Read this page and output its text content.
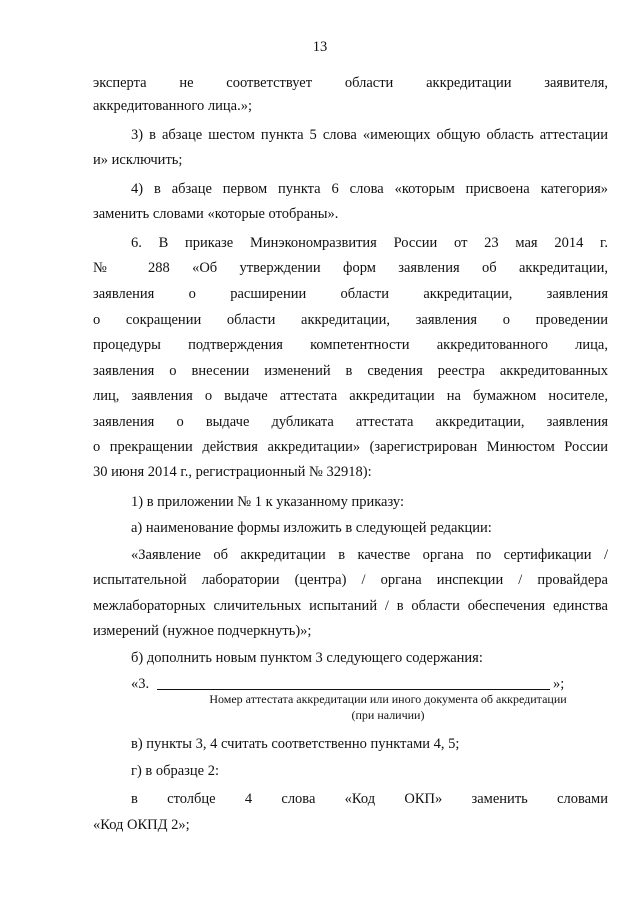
13
эксперта не соответствует области аккредитации заявителя,
аккредитованного лица.»;
3) в абзаце шестом пункта 5 слова «имеющих общую область аттестации
и» исключить;
4) в абзаце первом пункта 6 слова «которым присвоена категория»
заменить словами «которые отобраны».
6. В приказе Минэкономразвития России от 23 мая 2014 г.
№ 288 «Об утверждении форм заявления об аккредитации,
заявления о расширении области аккредитации, заявления
о сокращении области аккредитации, заявления о проведении
процедуры подтверждения компетентности аккредитованного лица,
заявления о внесении изменений в сведения реестра аккредитованных
лиц, заявления о выдаче аттестата аккредитации на бумажном носителе,
заявления о выдаче дубликата аттестата аккредитации, заявления
о прекращении действия аккредитации» (зарегистрирован Минюстом России
30 июня 2014 г., регистрационный № 32918):
1) в приложении № 1 к указанному приказу:
а) наименование формы изложить в следующей редакции:
«Заявление об аккредитации в качестве органа по сертификации /
испытательной лаборатории (центра) / органа инспекции / провайдера
межлабораторных сличительных испытаний / в области обеспечения единства
измерений (нужное подчеркнуть)»;
б) дополнить новым пунктом 3 следующего содержания:
«3.	»;
Номер аттестата аккредитации или иного документа об аккредитации
(при наличии)
в) пункты 3, 4 считать соответственно пунктами 4, 5;
г) в образце 2:
в столбце 4 слова «Код ОКП» заменить словами
«Код ОКПД 2»;
